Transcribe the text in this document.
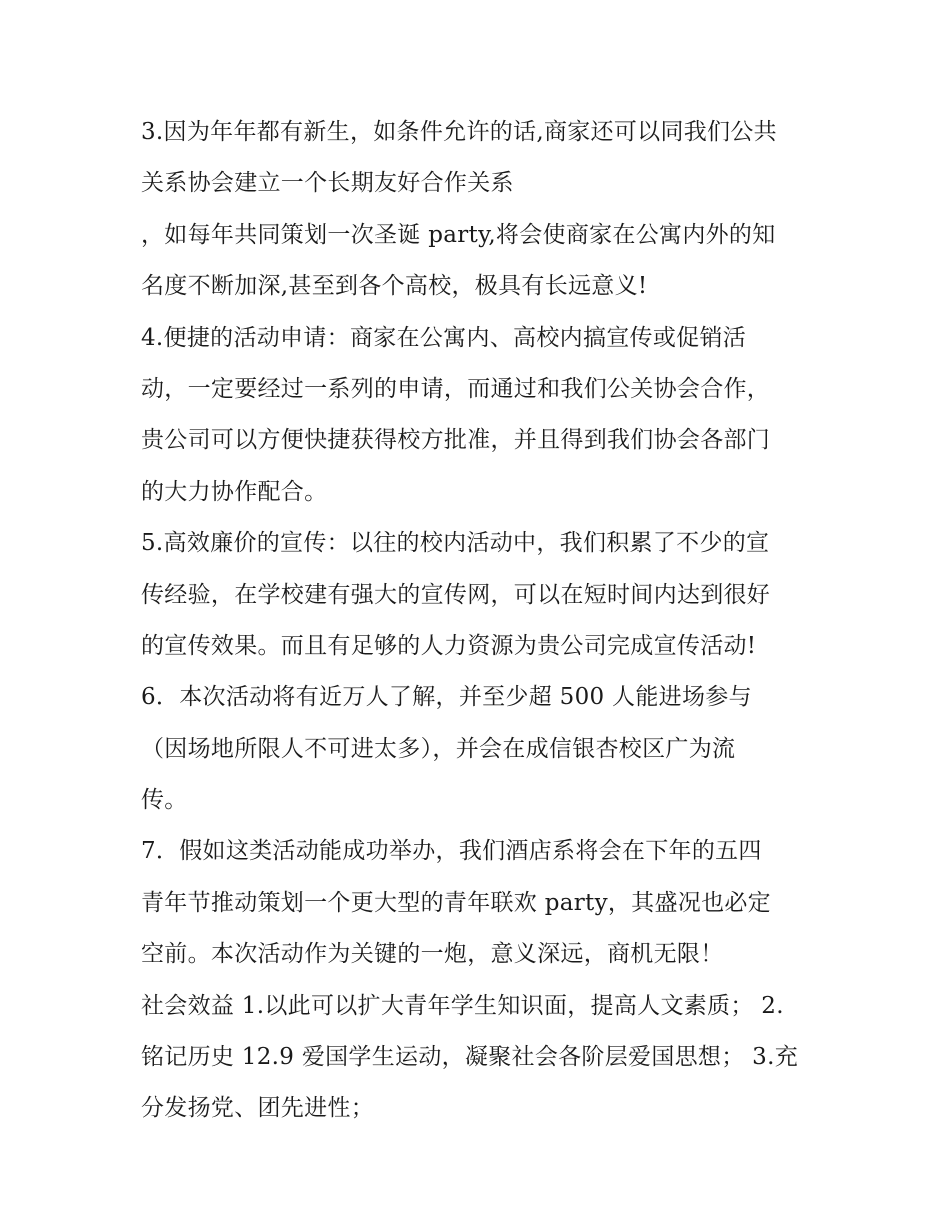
3.因为年年都有新生，如条件允许的话,商家还可以同我们公共
关系协会建立一个长期友好合作关系
，如每年共同策划一次圣诞 party,将会使商家在公寓内外的知
名度不断加深,甚至到各个高校，极具有长远意义!
4.便捷的活动申请：商家在公寓内、高校内搞宣传或促销活
动，一定要经过一系列的申请，而通过和我们公关协会合作，
贵公司可以方便快捷获得校方批准，并且得到我们协会各部门
的大力协作配合。
5.高效廉价的宣传：以往的校内活动中，我们积累了不少的宣
传经验，在学校建有强大的宣传网，可以在短时间内达到很好
的宣传效果。而且有足够的人力资源为贵公司完成宣传活动!
6．本次活动将有近万人了解，并至少超 500 人能进场参与
（因场地所限人不可进太多），并会在成信银杏校区广为流
传。
7．假如这类活动能成功举办，我们酒店系将会在下年的五四
青年节推动策划一个更大型的青年联欢 party，其盛况也必定
空前。本次活动作为关键的一炮，意义深远，商机无限！
社会效益 1.以此可以扩大青年学生知识面，提高人文素质； 2.
铭记历史 12.9 爱国学生运动，凝聚社会各阶层爱国思想； 3.充
分发扬党、团先进性；
